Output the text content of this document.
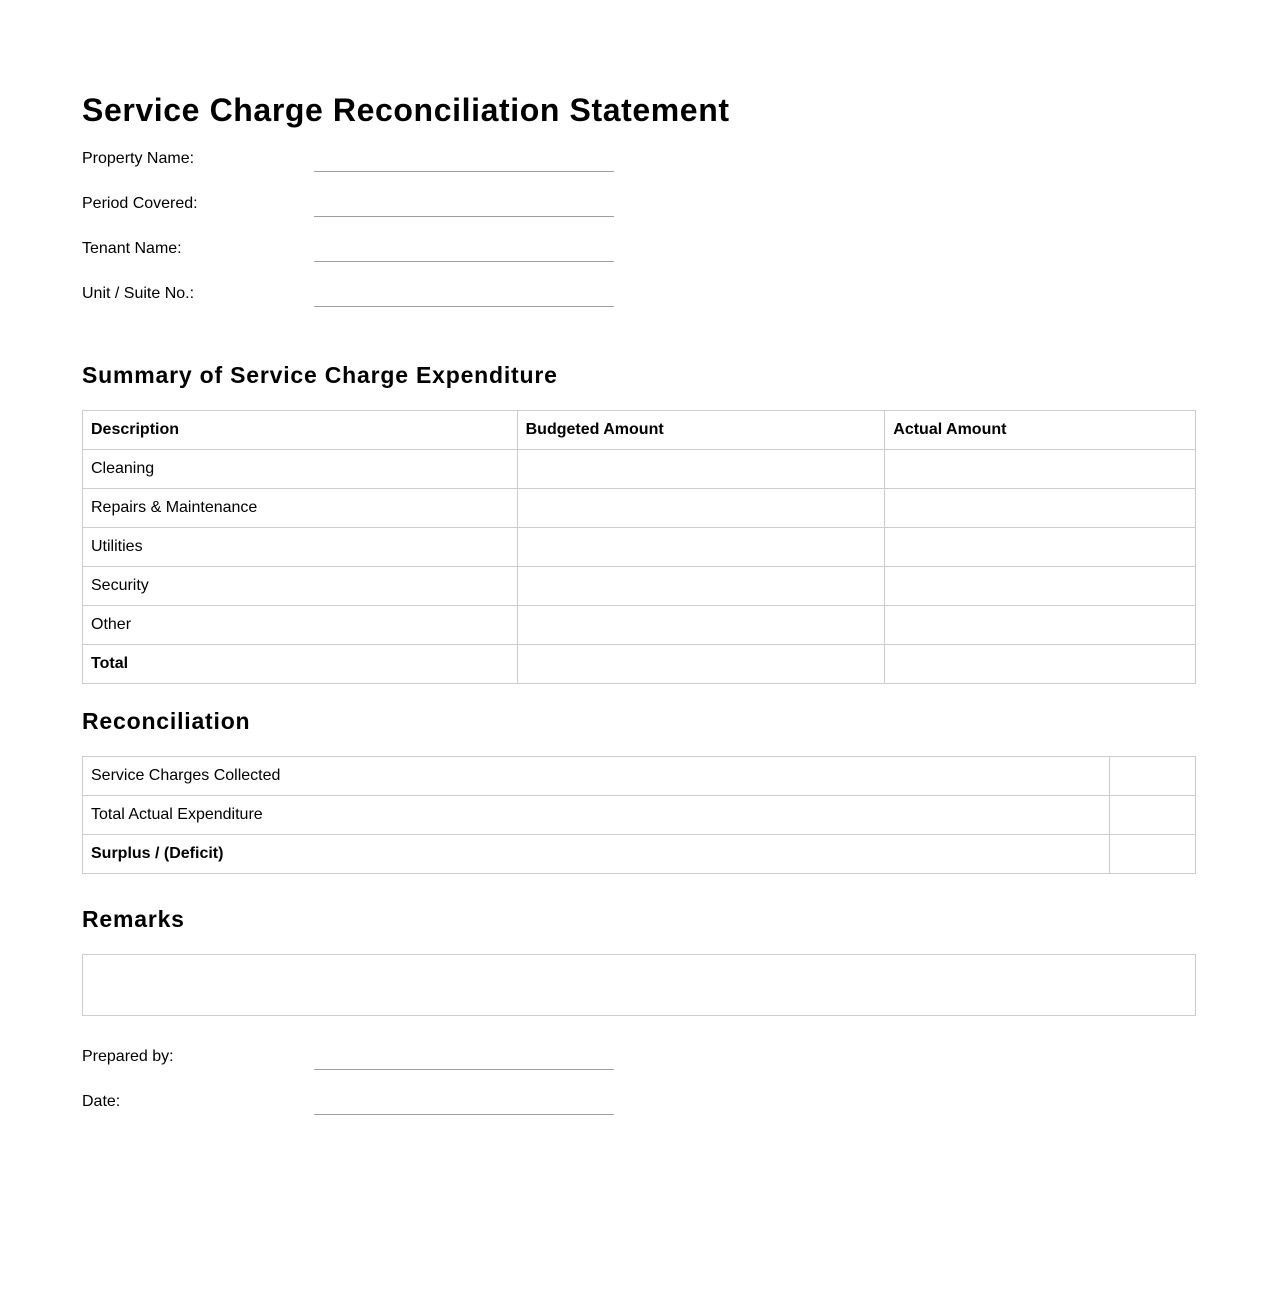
Service Charge Reconciliation Statement
Property Name:
Period Covered:
Tenant Name:
Unit / Suite No.:
Summary of Service Charge Expenditure
Description	Budgeted Amount	Actual Amount
Cleaning		
Repairs & Maintenance		
Utilities		
Security		
Other		
Total		
Reconciliation
Service Charges Collected	
Total Actual Expenditure	
Surplus / (Deficit)	
Remarks
Prepared by:
Date:
